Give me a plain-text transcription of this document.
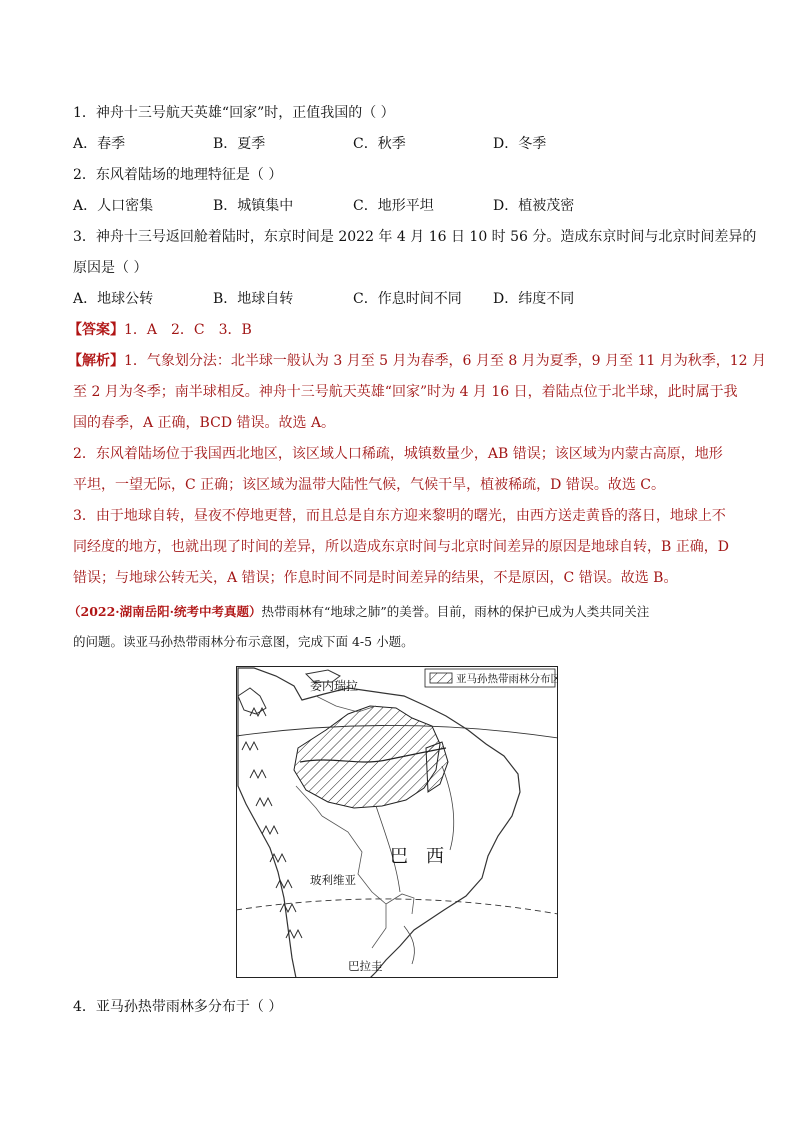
1．神舟十三号航天英雄“回家”时，正值我国的（ ）
A．春季	B．夏季	C．秋季	D．冬季
2．东风着陆场的地理特征是（ ）
A．人口密集	B．城镇集中	C．地形平坦	D．植被茂密
3．神舟十三号返回舱着陆时，东京时间是 2022 年 4 月 16 日 10 时 56 分。造成东京时间与北京时间差异的
原因是（ ）
A．地球公转	B．地球自转	C．作息时间不同 D．纬度不同
【答案】1．A　2．C　3．B
【解析】1．气象划分法：北半球一般认为 3 月至 5 月为春季，6 月至 8 月为夏季，9 月至 11 月为秋季，12 月
至 2 月为冬季；南半球相反。神舟十三号航天英雄“回家”时为 4 月 16 日，着陆点位于北半球，此时属于我
国的春季，A 正确，BCD 错误。故选 A。
2．东风着陆场位于我国西北地区，该区域人口稀疏，城镇数量少，AB 错误；该区域为内蒙古高原，地形
平坦，一望无际，C 正确；该区域为温带大陆性气候，气候干旱，植被稀疏，D 错误。故选 C。
3．由于地球自转，昼夜不停地更替，而且总是自东方迎来黎明的曙光，由西方送走黄昏的落日，地球上不
同经度的地方，也就出现了时间的差异，所以造成东京时间与北京时间差异的原因是地球自转，B 正确，D
错误；与地球公转无关，A 错误；作息时间不同是时间差异的结果，不是原因，C 错误。故选 B。
（2022·湖南岳阳·统考中考真题）热带雨林有“地球之肺”的美誉。目前，雨林的保护已成为人类共同关注
的问题。读亚马孙热带雨林分布示意图，完成下面 4-5 小题。
亚马孙热带雨林分布区
委内瑞拉
巴　西
玻利维亚
巴拉圭
4．亚马孙热带雨林多分布于（ ）
